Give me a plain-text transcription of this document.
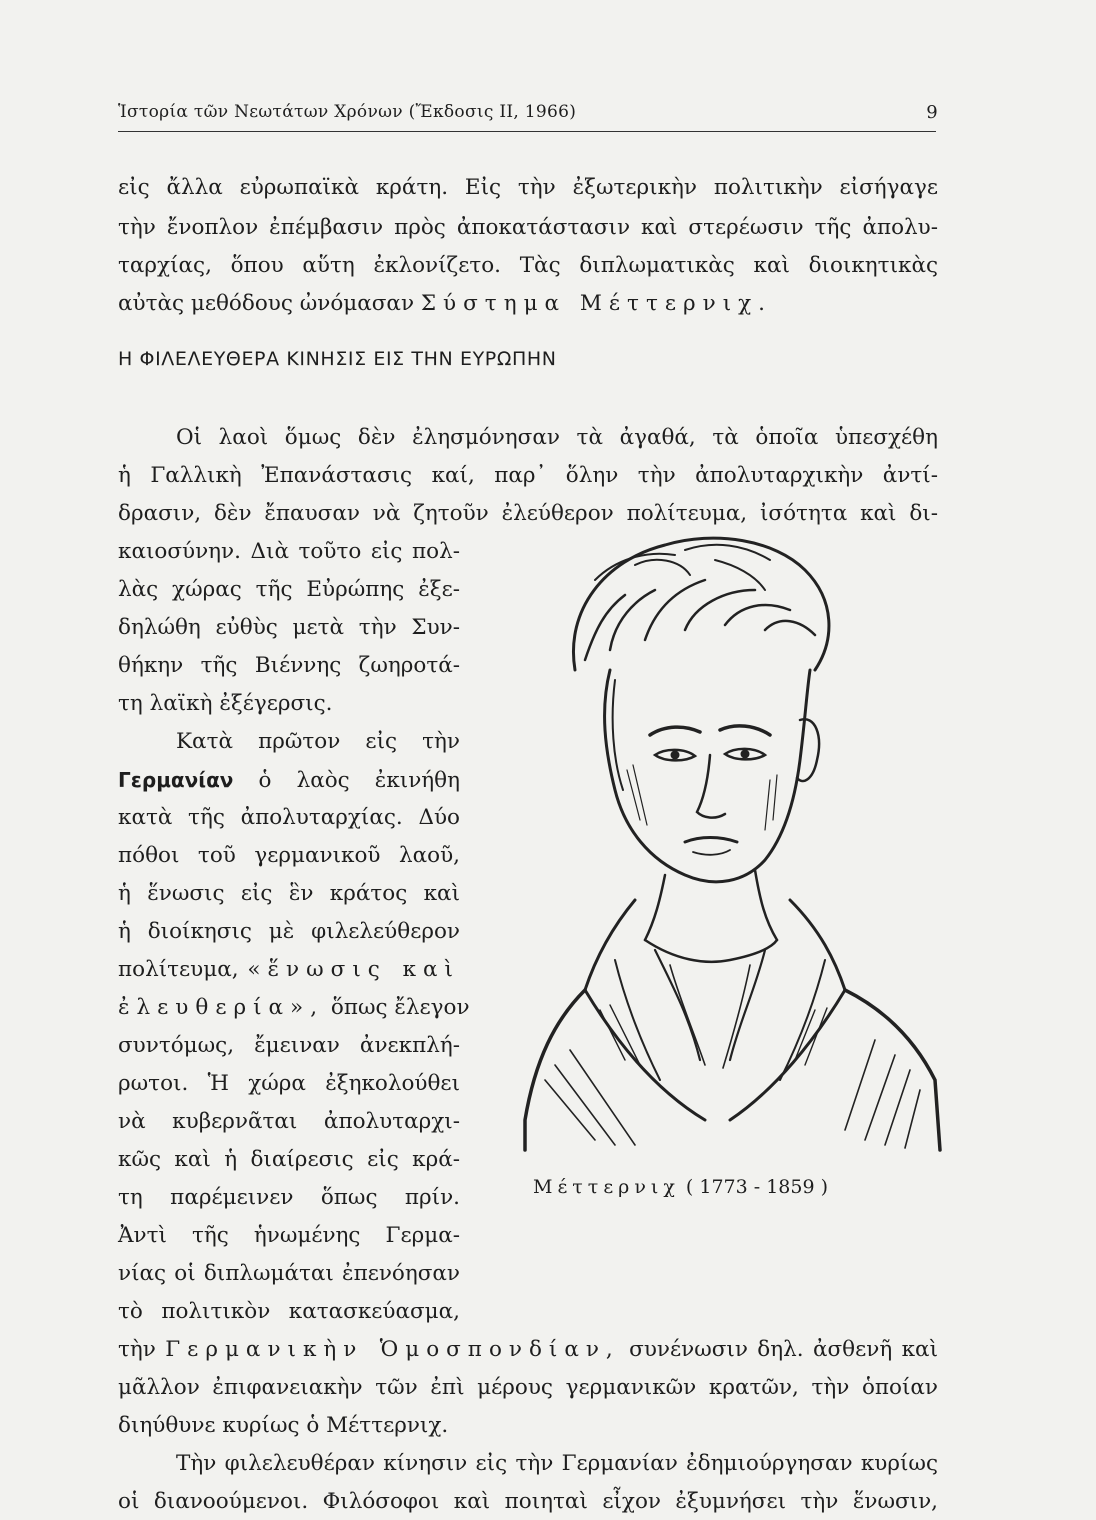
Ἱστορία τῶν Νεωτάτων Χρόνων (Ἔκδοσις ΙΙ, 1966)	9
εἰς ἄλλα εὐρωπαϊκὰ κράτη. Εἰς τὴν ἐξωτερικὴν πολιτικὴν εἰσήγαγε
τὴν ἔνοπλον ἐπέμβασιν πρὸς ἀποκατάστασιν καὶ στερέωσιν τῆς ἀπολυ-
ταρχίας, ὅπου αὕτη ἐκλονίζετο. Τὰς διπλωματικὰς καὶ διοικητικὰς
αὐτὰς μεθόδους ὠνόμασαν Σύστημα Μέττερνιχ.
Η ΦΙΛΕΛΕΥΘΕΡΑ ΚΙΝΗΣΙΣ ΕΙΣ ΤΗΝ ΕΥΡΩΠΗΝ
Οἱ λαοὶ ὅμως δὲν ἐλησμόνησαν τὰ ἀγαθά, τὰ ὁποῖα ὑπεσχέθη
ἡ Γαλλικὴ Ἐπανάστασις καί, παρ᾽ ὅλην τὴν ἀπολυταρχικὴν ἀντί-
δρασιν, δὲν ἔπαυσαν νὰ ζητοῦν ἐλεύθερον πολίτευμα, ἰσότητα καὶ δι-
καιοσύνην. Διὰ τοῦτο εἰς πολ-
λὰς χώρας τῆς Εὐρώπης ἐξε-
δηλώθη εὐθὺς μετὰ τὴν Συν-
θήκην τῆς Βιέννης ζωηροτά-
τη λαϊκὴ ἐξέγερσις.
Κατὰ πρῶτον εἰς τὴν
Γερμανίαν ὁ λαὸς ἐκινήθη
κατὰ τῆς ἀπολυταρχίας. Δύο
πόθοι τοῦ γερμανικοῦ λαοῦ,
ἡ ἕνωσις εἰς ἓν κράτος καὶ
ἡ διοίκησις μὲ φιλελεύθερον
πολίτευμα, «ἕνωσις καὶ
ἐλευθερία», ὅπως ἔλεγον
συντόμως, ἔμειναν ἀνεκπλή-
ρωτοι. Ἡ χώρα ἐξηκολούθει
νὰ κυβερνᾶται ἀπολυταρχι-
κῶς καὶ ἡ διαίρεσις εἰς κρά-
τη παρέμεινεν ὅπως πρίν.
Ἀντὶ τῆς ἡνωμένης Γερμα-
νίας οἱ διπλωμάται ἐπενόησαν
τὸ πολιτικὸν κατασκεύασμα,
τὴν Γερμανικὴν Ὁμοσπονδίαν, συνένωσιν δηλ. ἀσθενῆ καὶ
μᾶλλον ἐπιφανειακὴν τῶν ἐπὶ μέρους γερμανικῶν κρατῶν, τὴν ὁποίαν
διηύθυνε κυρίως ὁ Μέττερνιχ.
Τὴν φιλελευθέραν κίνησιν εἰς τὴν Γερμανίαν ἐδημιούργησαν κυρίως
οἱ διανοούμενοι. Φιλόσοφοι καὶ ποιηταὶ εἶχον ἐξυμνήσει τὴν ἕνωσιν,
Μέττερνιχ ( 1773 - 1859 )
